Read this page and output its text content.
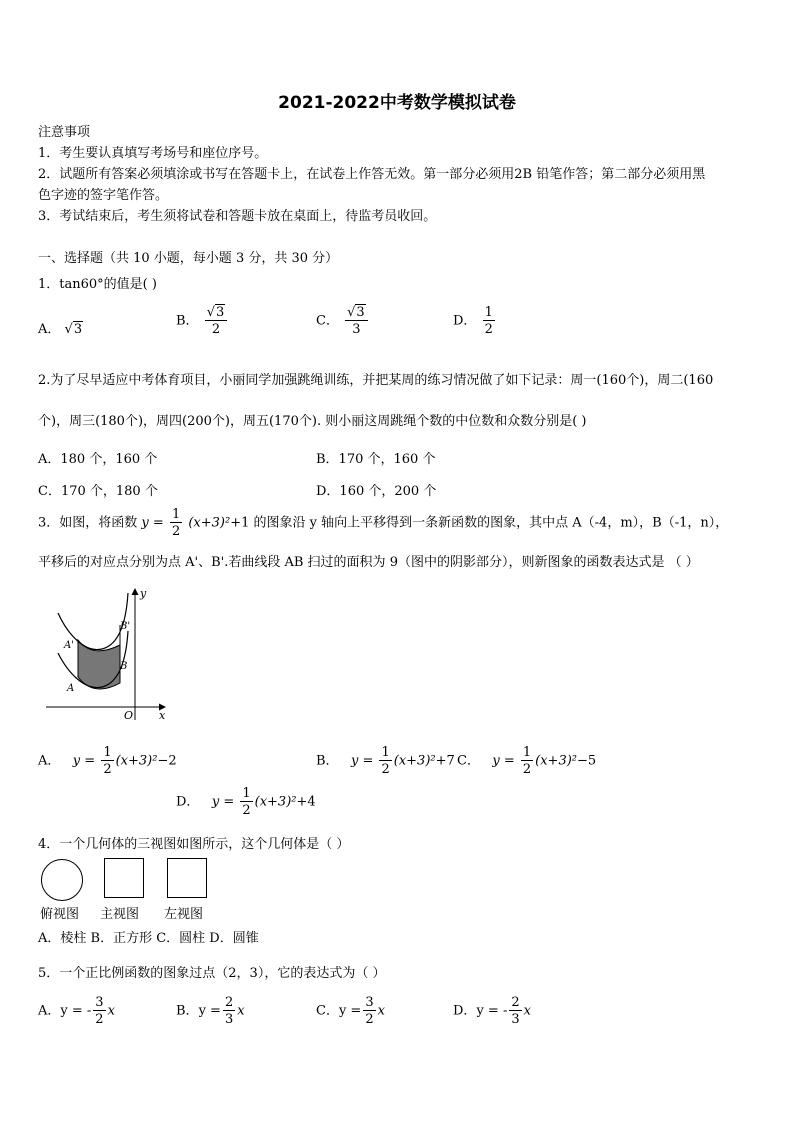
2021-2022中考数学模拟试卷
注意事项
1．考生要认真填写考场号和座位序号。
2．试题所有答案必须填涂或书写在答题卡上，在试卷上作答无效。第一部分必须用2B 铅笔作答；第二部分必须用黑
色字迹的签字笔作答。
3．考试结束后，考生须将试卷和答题卡放在桌面上，待监考员收回。
一、选择题（共 10 小题，每小题 3 分，共 30 分）
1．tan60°的值是( )
A． √3
B． $\frac{√3}{2}$	C． $\frac{√3}{3}$	D． $\frac{1}{2}$
2.为了尽早适应中考体育项目，小丽同学加强跳绳训练，并把某周的练习情况做了如下记录：周一(160个)，周二(160
个)，周三(180个)，周四(200个)，周五(170个). 则小丽这周跳绳个数的中位数和众数分别是( )
A．180 个，160 个	B．170 个，160 个
C．170 个，180 个	D．160 个，200 个
3．如图，将函数 $y = \frac{1}{2} (x+3)^2+1$ 的图象沿 y 轴向上平移得到一条新函数的图象，其中点 A（-4，m），B（-1，n），
平移后的对应点分别为点 A'、B'.若曲线段 AB 扫过的面积为 9（图中的阴影部分），则新图象的函数表达式是 （ ）
y
x
O
A
A'
B
B'
A． $y = \frac{1}{2} (x+3)^2-2$	B． $y = \frac{1}{2} (x+3)^2+7$ C． $y = \frac{1}{2} (x+3)^2-5$
D． $y = \frac{1}{2} (x+3)^2+4$
4．一个几何体的三视图如图所示，这个几何体是（ ）
俯视图 主视图 左视图
A．棱柱 B．正方形 C．圆柱 D．圆锥
5．一个正比例函数的图象过点（2，3），它的表达式为（ ）
A．y = - $\frac{3}{2}$ x	B．$y = \frac{2}{3}$ x	C．$y = \frac{3}{2}$ x	D．y = - $\frac{2}{3}$ x
